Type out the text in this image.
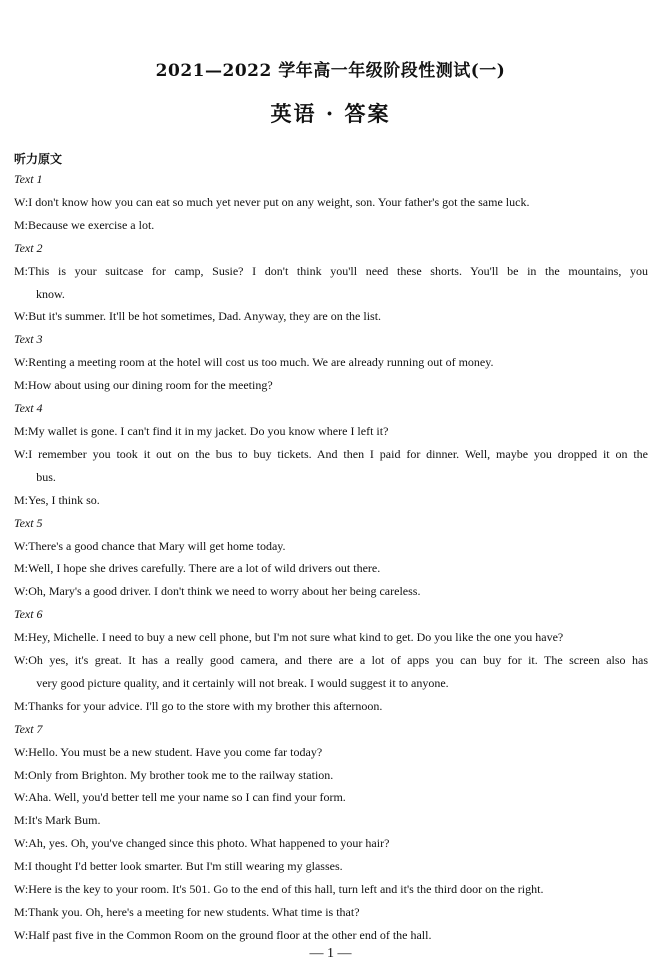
2021—2022 学年高一年级阶段性测试(一)
英语 · 答案
听力原文
Text 1
W: I don't know how you can eat so much yet never put on any weight, son. Your father's got the same luck.
M: Because we exercise a lot.
Text 2
M: This is your suitcase for camp, Susie? I don't think you'll need these shorts. You'll be in the mountains, you
know.
W: But it's summer. It'll be hot sometimes, Dad. Anyway, they are on the list.
Text 3
W: Renting a meeting room at the hotel will cost us too much. We are already running out of money.
M: How about using our dining room for the meeting?
Text 4
M: My wallet is gone. I can't find it in my jacket. Do you know where I left it?
W: I remember you took it out on the bus to buy tickets. And then I paid for dinner. Well, maybe you dropped it on the
bus.
M: Yes, I think so.
Text 5
W: There's a good chance that Mary will get home today.
M: Well, I hope she drives carefully. There are a lot of wild drivers out there.
W: Oh, Mary's a good driver. I don't think we need to worry about her being careless.
Text 6
M: Hey, Michelle. I need to buy a new cell phone, but I'm not sure what kind to get. Do you like the one you have?
W: Oh yes, it's great. It has a really good camera, and there are a lot of apps you can buy for it. The screen also has
very good picture quality, and it certainly will not break. I would suggest it to anyone.
M: Thanks for your advice. I'll go to the store with my brother this afternoon.
Text 7
W: Hello. You must be a new student. Have you come far today?
M: Only from Brighton. My brother took me to the railway station.
W: Aha. Well, you'd better tell me your name so I can find your form.
M: It's Mark Bum.
W: Ah, yes. Oh, you've changed since this photo. What happened to your hair?
M: I thought I'd better look smarter. But I'm still wearing my glasses.
W: Here is the key to your room. It's 501. Go to the end of this hall, turn left and it's the third door on the right.
M: Thank you. Oh, here's a meeting for new students. What time is that?
W: Half past five in the Common Room on the ground floor at the other end of the hall.
— 1 —
